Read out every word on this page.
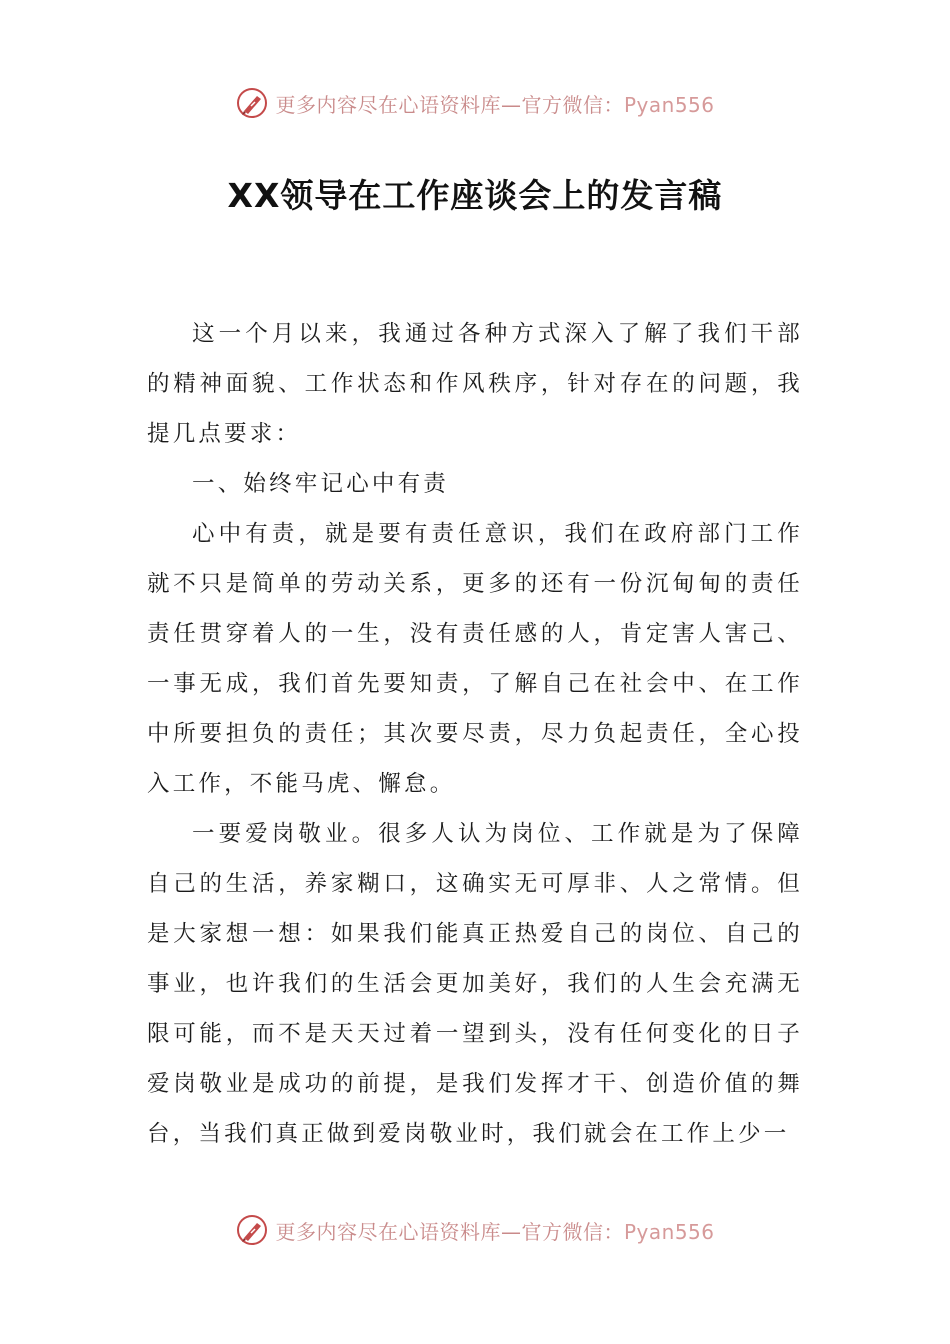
更多内容尽在心语资料库—官方微信：Pyan556
XX领导在工作座谈会上的发言稿

这一个月以来，我通过各种方式深入了解了我们干部的精神面貌、工作状态和作风秩序，针对存在的问题，我提几点要求：

一、始终牢记心中有责

心中有责，就是要有责任意识，我们在政府部门工作就不只是简单的劳动关系，更多的还有一份沉甸甸的责任责任贯穿着人的一生，没有责任感的人，肯定害人害己、一事无成，我们首先要知责，了解自己在社会中、在工作中所要担负的责任；其次要尽责，尽力负起责任，全心投入工作，不能马虎、懈怠。

一要爱岗敬业。很多人认为岗位、工作就是为了保障自己的生活，养家糊口，这确实无可厚非、人之常情。但是大家想一想：如果我们能真正热爱自己的岗位、自己的事业，也许我们的生活会更加美好，我们的人生会充满无限可能，而不是天天过着一望到头，没有任何变化的日子爱岗敬业是成功的前提，是我们发挥才干、创造价值的舞台，当我们真正做到爱岗敬业时，我们就会在工作上少一

更多内容尽在心语资料库—官方微信：Pyan556
